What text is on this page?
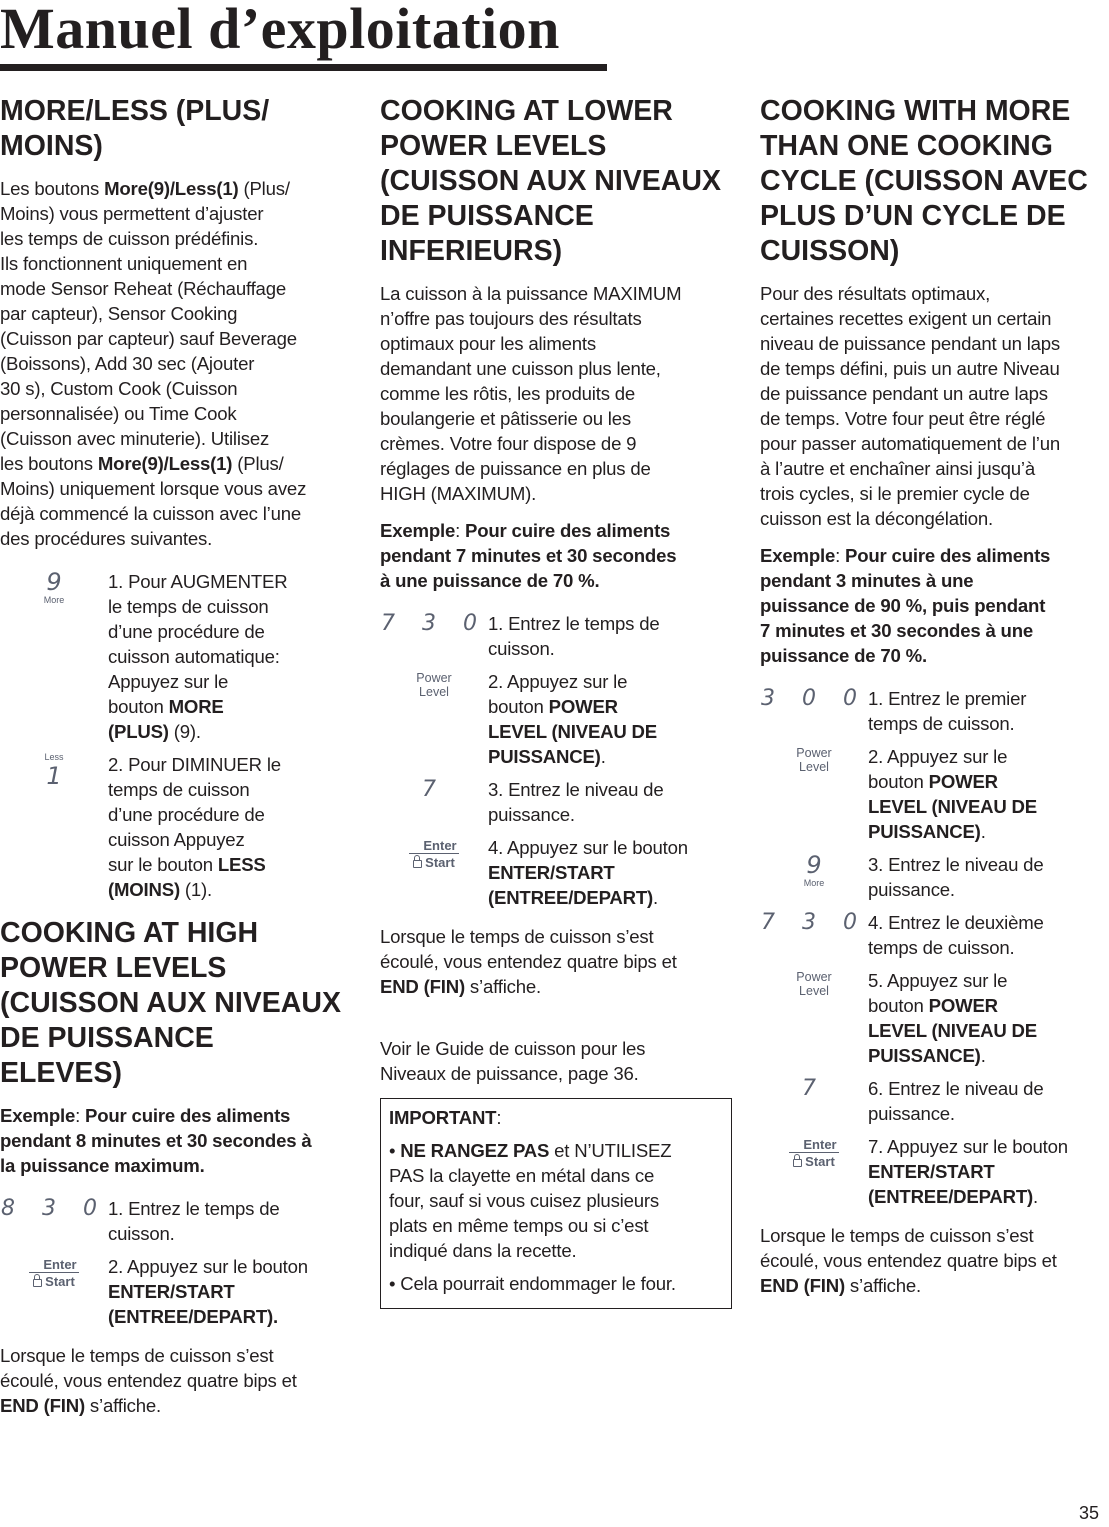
Manuel d’exploitation
MORE/LESS (PLUS/
MOINS)

Les boutons More(9)/Less(1) (Plus/
Moins) vous permettent d’ajuster
les temps de cuisson prédéfinis.
Ils fonctionnent uniquement en
mode Sensor Reheat (Réchauffage
par capteur), Sensor Cooking
(Cuisson par capteur) sauf Beverage
(Boissons), Add 30 sec (Ajouter
30 s), Custom Cook (Cuisson
personnalisée) ou Time Cook
(Cuisson avec minuterie). Utilisez
les boutons More(9)/Less(1) (Plus/
Moins) uniquement lorsque vous avez
déjà commencé la cuisson avec l’une
des procédures suivantes.

9
More
1. Pour AUGMENTER
le temps de cuisson
d’une procédure de
cuisson automatique:
Appuyez sur le
bouton MORE
(PLUS) (9).
Less
1 2. Pour DIMINUER le
temps de cuisson
d’une procédure de
cuisson Appuyez
sur le bouton LESS
(MOINS) (1).
COOKING AT HIGH
POWER LEVELS
(CUISSON AUX NIVEAUX
DE PUISSANCE
ELEVES)

Exemple: Pour cuire des aliments
pendant 8 minutes et 30 secondes à
la puissance maximum.

8 3 0 1. Entrez le temps de
cuisson.
Enter
Start
2. Appuyez sur le bouton
ENTER/START
(ENTREE/DEPART).

Lorsque le temps de cuisson s’est
écoulé, vous entendez quatre bips et
END (FIN) s’affiche.

COOKING AT LOWER
POWER LEVELS
(CUISSON AUX NIVEAUX
DE PUISSANCE
INFERIEURS)

La cuisson à la puissance MAXIMUM
n’offre pas toujours des résultats
optimaux pour les aliments
demandant une cuisson plus lente,
comme les rôtis, les produits de
boulangerie et pâtisserie ou les
crèmes. Votre four dispose de 9
réglages de puissance en plus de
HIGH (MAXIMUM).

Exemple: Pour cuire des aliments
pendant 7 minutes et 30 secondes
à une puissance de 70 %.

7 3 0 1. Entrez le temps de
cuisson.
Power
Level 2. Appuyez sur le
bouton POWER
LEVEL (NIVEAU DE
PUISSANCE).
7 3. Entrez le niveau de
puissance.
Enter
Start
4. Appuyez sur le bouton
ENTER/START
(ENTREE/DEPART).

Lorsque le temps de cuisson s’est
écoulé, vous entendez quatre bips et
END (FIN) s’affiche.

Voir le Guide de cuisson pour les
Niveaux de puissance, page 36.

IMPORTANT:

• NE RANGEZ PAS et N’UTILISEZ
PAS la clayette en métal dans ce
four, sauf si vous cuisez plusieurs
plats en même temps ou si c’est
indiqué dans la recette.

• Cela pourrait endommager le four.

COOKING WITH MORE
THAN ONE COOKING
CYCLE (CUISSON AVEC
PLUS D’UN CYCLE DE
CUISSON)

Pour des résultats optimaux,
certaines recettes exigent un certain
niveau de puissance pendant un laps
de temps défini, puis un autre Niveau
de puissance pendant un autre laps
de temps. Votre four peut être réglé
pour passer automatiquement de l’un
à l’autre et enchaîner ainsi jusqu’à
trois cycles, si le premier cycle de
cuisson est la décongélation.

Exemple: Pour cuire des aliments
pendant 3 minutes à une
puissance de 90 %, puis pendant
7 minutes et 30 secondes à une
puissance de 70 %.

3 0 0 1. Entrez le premier
temps de cuisson.
Power
Level 2. Appuyez sur le
bouton POWER
LEVEL (NIVEAU DE
PUISSANCE).
9
More
3. Entrez le niveau de
puissance.
7 3 0 4. Entrez le deuxième
temps de cuisson.
Power
Level 5. Appuyez sur le
bouton POWER
LEVEL (NIVEAU DE
PUISSANCE).
7 6. Entrez le niveau de
puissance.
Enter
Start
7. Appuyez sur le bouton
ENTER/START
(ENTREE/DEPART).

Lorsque le temps de cuisson s’est
écoulé, vous entendez quatre bips et
END (FIN) s’affiche.

35
